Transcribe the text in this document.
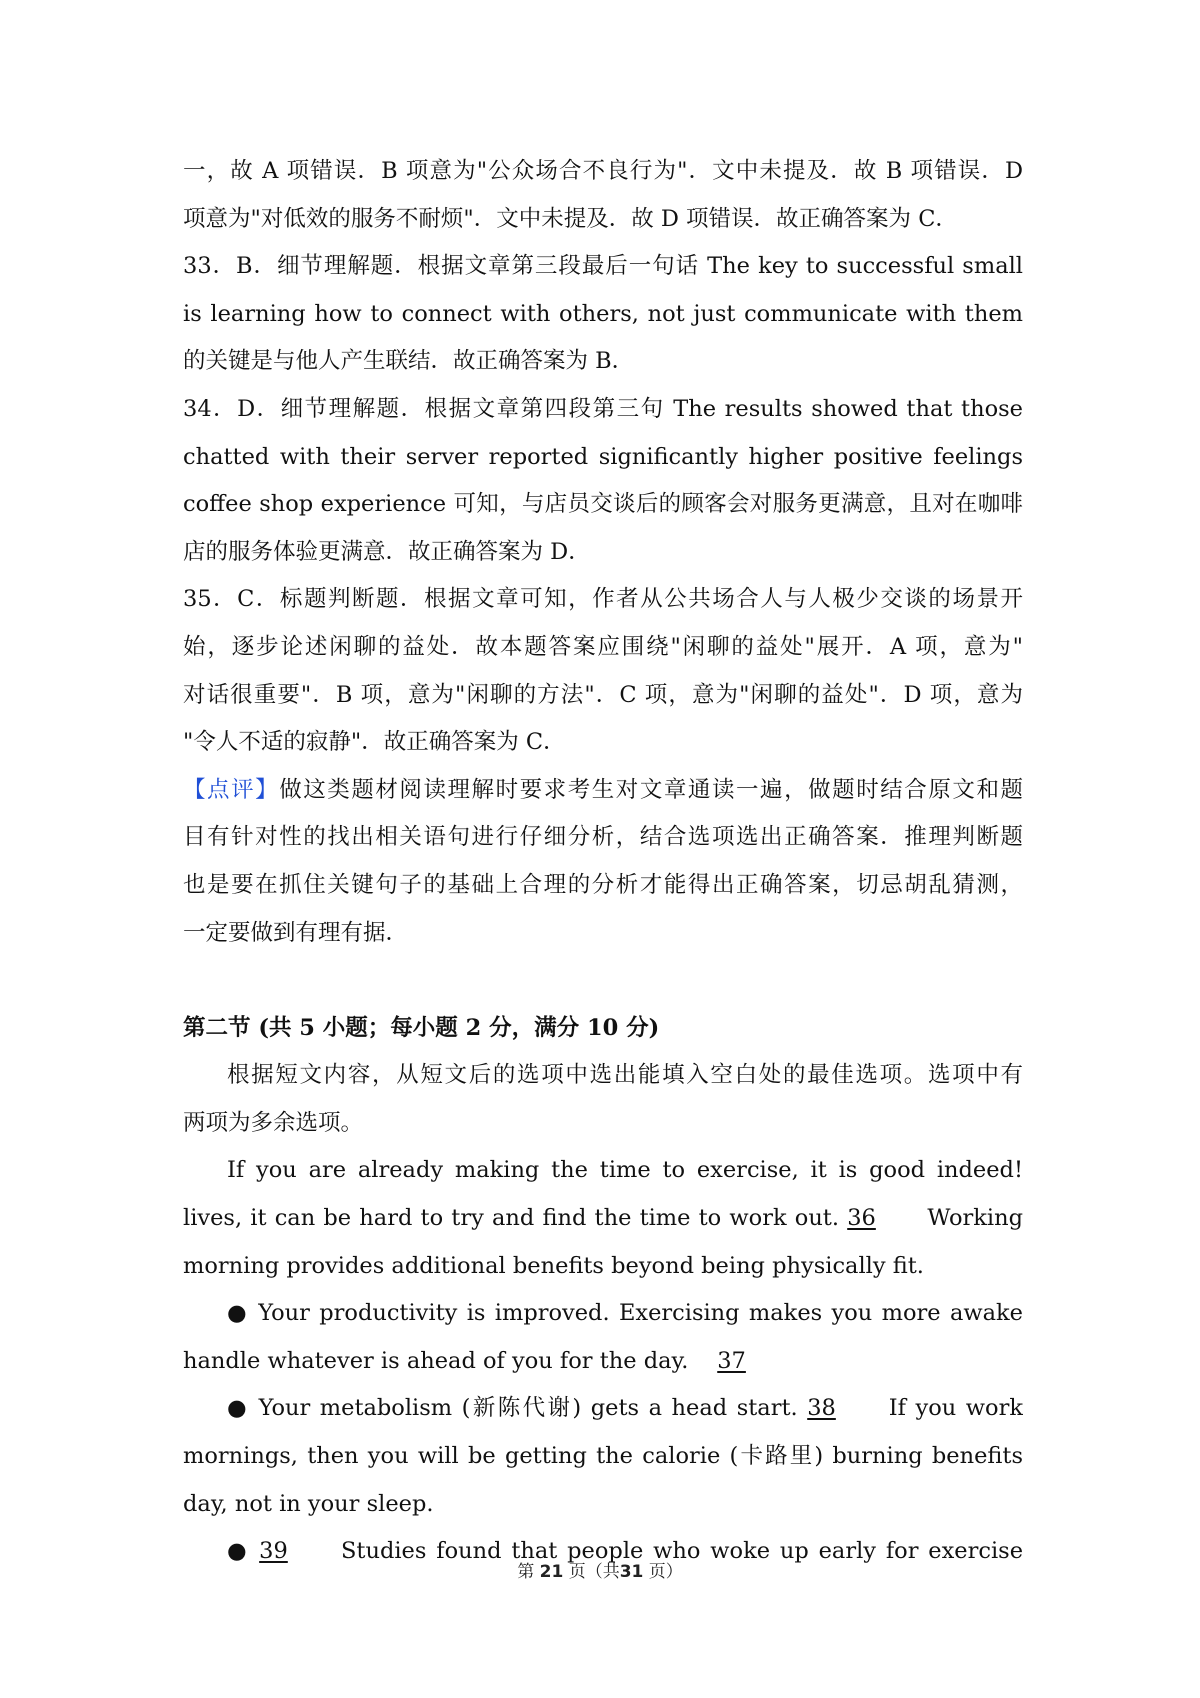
一，故 A 项错误．B 项意为"公众场合不良行为"．文中未提及．故 B 项错误．D
项意为"对低效的服务不耐烦"．文中未提及．故 D 项错误．故正确答案为 C．
33．B．细节理解题．根据文章第三段最后一句话 The key to successful small
is learning how to connect with others, not just communicate with them
的关键是与他人产生联结．故正确答案为 B．
34．D．细节理解题．根据文章第四段第三句 The results showed that those
chatted with their server reported significantly higher positive feelings
coffee shop experience 可知，与店员交谈后的顾客会对服务更满意，且对在咖啡
店的服务体验更满意．故正确答案为 D．
35．C．标题判断题．根据文章可知，作者从公共场合人与人极少交谈的场景开
始，逐步论述闲聊的益处．故本题答案应围绕"闲聊的益处"展开．A 项，意为"
对话很重要"．B 项，意为"闲聊的方法"．C 项，意为"闲聊的益处"．D 项，意为
"令人不适的寂静"．故正确答案为 C．
【点评】做这类题材阅读理解时要求考生对文章通读一遍，做题时结合原文和题
目有针对性的找出相关语句进行仔细分析，结合选项选出正确答案．推理判断题
也是要在抓住关键句子的基础上合理的分析才能得出正确答案，切忌胡乱猜测，
一定要做到有理有据．
第二节 (共 5 小题；每小题 2 分，满分 10 分)
根据短文内容，从短文后的选项中选出能填入空白处的最佳选项。选项中有
两项为多余选项。
If you are already making the time to exercise, it is good indeed!
lives, it can be hard to try and find the time to work out. 36 Working
morning provides additional benefits beyond being physically fit.
● Your productivity is improved. Exercising makes you more awake
handle whatever is ahead of you for the day. 37
● Your metabolism (新陈代谢) gets a head start. 38 If you work
mornings, then you will be getting the calorie (卡路里) burning benefits
day, not in your sleep.
● 39 Studies found that people who woke up early for exercise
第 21 页（共31 页）
